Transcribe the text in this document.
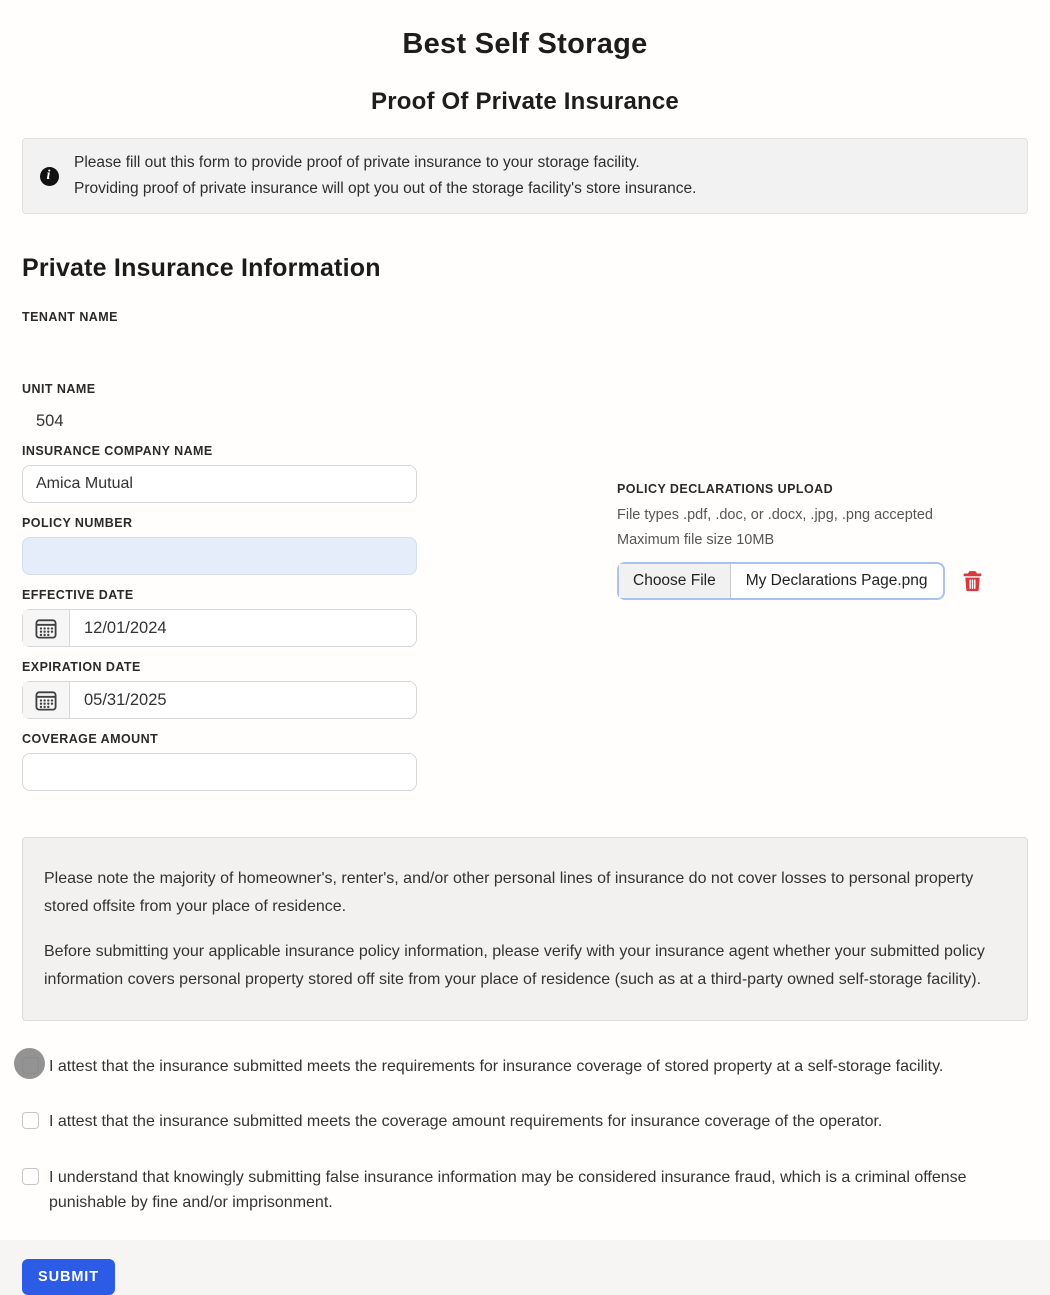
Best Self Storage
Proof Of Private Insurance
i
Please fill out this form to provide proof of private insurance to your storage facility.
Providing proof of private insurance will opt you out of the storage facility's store insurance.
Private Insurance Information
TENANT NAME
UNIT NAME
504
INSURANCE COMPANY NAME
Amica Mutual
POLICY NUMBER
EFFECTIVE DATE
12/01/2024
EXPIRATION DATE
05/31/2025
COVERAGE AMOUNT
POLICY DECLARATIONS UPLOAD
File types .pdf, .doc, or .docx, .jpg, .png accepted
Maximum file size 10MB
Choose File	My Declarations Page.png

Please note the majority of homeowner's, renter's, and/or other personal lines of insurance do not cover losses to personal property stored offsite from your place of residence.

Before submitting your applicable insurance policy information, please verify with your insurance agent whether your submitted policy information covers personal property stored off site from your place of residence (such as at a third-party owned self-storage facility).

I attest that the insurance submitted meets the requirements for insurance coverage of stored property at a self-storage facility.
I attest that the insurance submitted meets the coverage amount requirements for insurance coverage of the operator.
I understand that knowingly submitting false insurance information may be considered insurance fraud, which is a criminal offense punishable by fine and/or imprisonment.
SUBMIT
